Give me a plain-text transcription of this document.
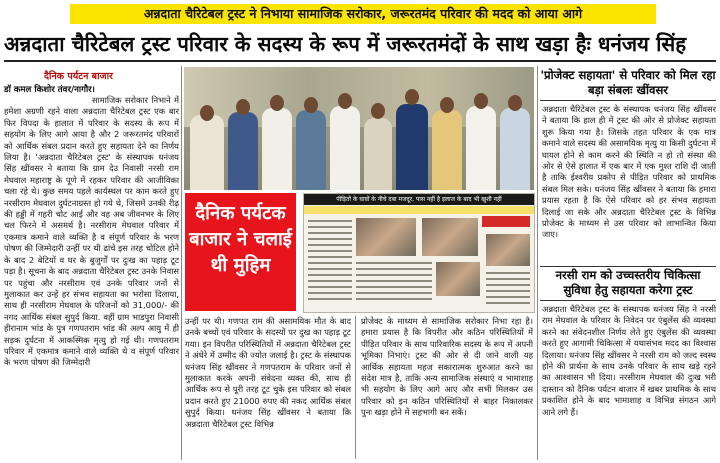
अन्नदाता चैरिटेबल ट्रस्ट ने निभाया सामाजिक सरोकार, जरूरतमंद परिवार की मदद को आया आगे
अन्नदाता चैरिटेबल ट्रस्ट परिवार के सदस्य के रूप में जरूरतमंदों के साथ खड़ा हैः धनंजय सिंह
दैनिक पर्यटन बाजार
डॉ कमल किशोर तंवर/नागौर।
सामाजिक सरोकार निभाने में हमेशा अग्रणी रहने वाला अन्नदाता चैरिटेबल ट्रस्ट एक बार फिर विपदा के हालात में परिवार के सदस्य के रूप में सहयोग के लिए आगे आया है और 2 जरूरतमंद परिवारों को आर्थिक संबल प्रदान करते हुए सहायता देने का निर्णय लिया है। 'अन्नदाता चैरिटेबल ट्रस्ट' के संस्थापक धनंजय सिंह खींवसर ने बताया कि ग्राम देउ निवासी नरसी राम मेघवाल महाराष्ट्र के पूणे में रहकर परिवार की आजीविका चला रहे थे। कुछ समय पहले कार्यस्थल पर काम करते हुए नरसीराम मेघवाल दुर्घटनाग्रस्त हो गये थे, जिसमें उनकी रीढ़ की हड्डी में गहरी चोट आई और वह अब जीवनभर के लिए चल फिरने में असमर्थ है। नरसीराम मेघवाल परिवार में एकमात्र कमाने वाले व्यक्ति है व संपूर्ण परिवार के भरण पोषण की जिम्मेदारी उन्हीं पर थी ढांचे इस तरह चोटिल होने के बाद 2 बेटियों व घर के बुजुर्गों पर दुःख का पहाड़ टूट पड़ा है। सूचना के बाद अन्नदाता चैरिटेबल ट्रस्ट उनके निवास पर पहुंचा और नरसीराम एवं उनके परिवार जनों से मुलाकात कर उन्हें हर संभव सहायता का भरोसा दिलाया, साथ ही नरसीराम मेघवाल के परिजनों को 31,000/- की नगद आर्थिक संबल सुपुर्द किया. वहीं ग्राम भाडपुरा निवासी हीरानाम भांड के पुत्र गणपतराम भांड की अल्प आयु में ही सड़क दुर्घटना में आकस्मिक मृत्यु हो गई थी। गणपतराम परिवार में एकमात्र कमाने वाले व्यक्ति थे व संपूर्ण परिवार के भरण पोषण की जिम्मेदारी
दैनिक पर्यटक बाजार ने चलाई थी मुहिम
पीड़ितों के घावों के नीचे दबा मजदूर, पास नहीं है इलाज के बाद भी खुशी नहीं
उन्हीं पर थी। गणपत राम की असामयिक मौत के बाद उनके बच्चों एवं परिवार के सदस्यों पर दुख का पहाड़ टूट गया। इन विपरीत परिस्थितियों में अन्नदाता चैरिटेबल ट्रस्ट ने अंधेरे में उम्मीद की ज्योत जलाई है। ट्रस्ट के संस्थापक धनंजय सिंह खींवसर ने गणपतराम के परिवार जनों से मुलाकात करके अपनी संवेदना व्यक्त की, साथ ही आर्थिक रूप से पूरी तरह टूट चुके इस परिवार को संबल प्रदान करते हुए 21000 रुपए की नकद आर्थिक संबल सुपुर्द किया। धनंजय सिंह खींवसर ने बताया कि अन्नदाता चैरिटेबल ट्रस्ट विभिन्न
प्रोजेक्ट के माध्यम से सामाजिक सरोकार निभा रहा है। हमारा प्रयास है कि विपरीत और कठिन परिस्थितियों में पीड़ित परिवार के साथ पारिवारिक सदस्य के रूप में अपनी भूमिका निभाएं। ट्रस्ट की ओर से दी जाने वाली यह आर्थिक सहायता महज सकारात्मक शुरुआत करने का संदेश मात्र है, ताकि अन्य सामाजिक संस्थाएं व भामाशाह भी सहयोग के लिए आगे आए और सभी मिलकर उस परिवार को इन कठिन परिस्थितियों से बाहर निकालकर पुनः खड़ा होने में सहभागी बन सकें।
'प्रोजेक्ट सहायता' से परिवार को मिल रहा बड़ा संबलः खींवसर
अन्नदाता चैरिटेबल ट्रस्ट के संस्थापक धनंजय सिंह खींवसर ने बताया कि हाल ही में ट्रस्ट की ओर से प्रोजेक्ट सहायता शुरू किया गया है। जिसके तहत परिवार के एक मात्र कमाने वाले सदस्य की असामयिक मृत्यु या किसी दुर्घटना में घायल होने से काम करने की स्थिति न हो तो संस्था की ओर से ऐसे हालात में एक बार में एक मुश्त राशि दी जाती है ताकि ईश्वरीय प्रकोप से पीड़ित परिवार को प्राथमिक संबल मिल सके। धनंजय सिंह खींवसर ने बताया कि हमारा प्रयास रहता है कि ऐसे परिवार को हर संभव सहायता दिलाई जा सके और अन्नदाता चैरिटेबल ट्रस्ट के विभिन्न प्रोजेक्ट के माध्यम से उस परिवार को लाभान्वित किया जाए।
नरसी राम को उच्चस्तरीय चिकित्सा सुविधा हेतु सहायता करेगा ट्रस्ट
अन्नदाता चैरिटेबल ट्रस्ट के संस्थापक धनंजय सिंह ने नरसी राम मेघवाल के परिवार के निवेदन पर एंबुलेंस की व्यवस्था करने का संवेदनशील निर्णय लेते हुए एंबुलेंस की व्यवस्था करते हुए आगामी चिकित्सा में यथासंभव मदद का विश्वास दिलाया। धनंजय सिंह खींवसर ने नरसी राम को जल्द स्वस्थ होने की प्रार्थना के साथ उनके परिवार के साथ खड़े रहने का आश्वासन भी दिया। नरसीराम मेघवाल की दुःख भरी दास्तान को दैनिक पर्यटन बाजार में खबर प्राथमिक के साथ प्रकाशित होने के बाद भामाशाह व विभिन्न संगठन आगे आने लगे हैं।
